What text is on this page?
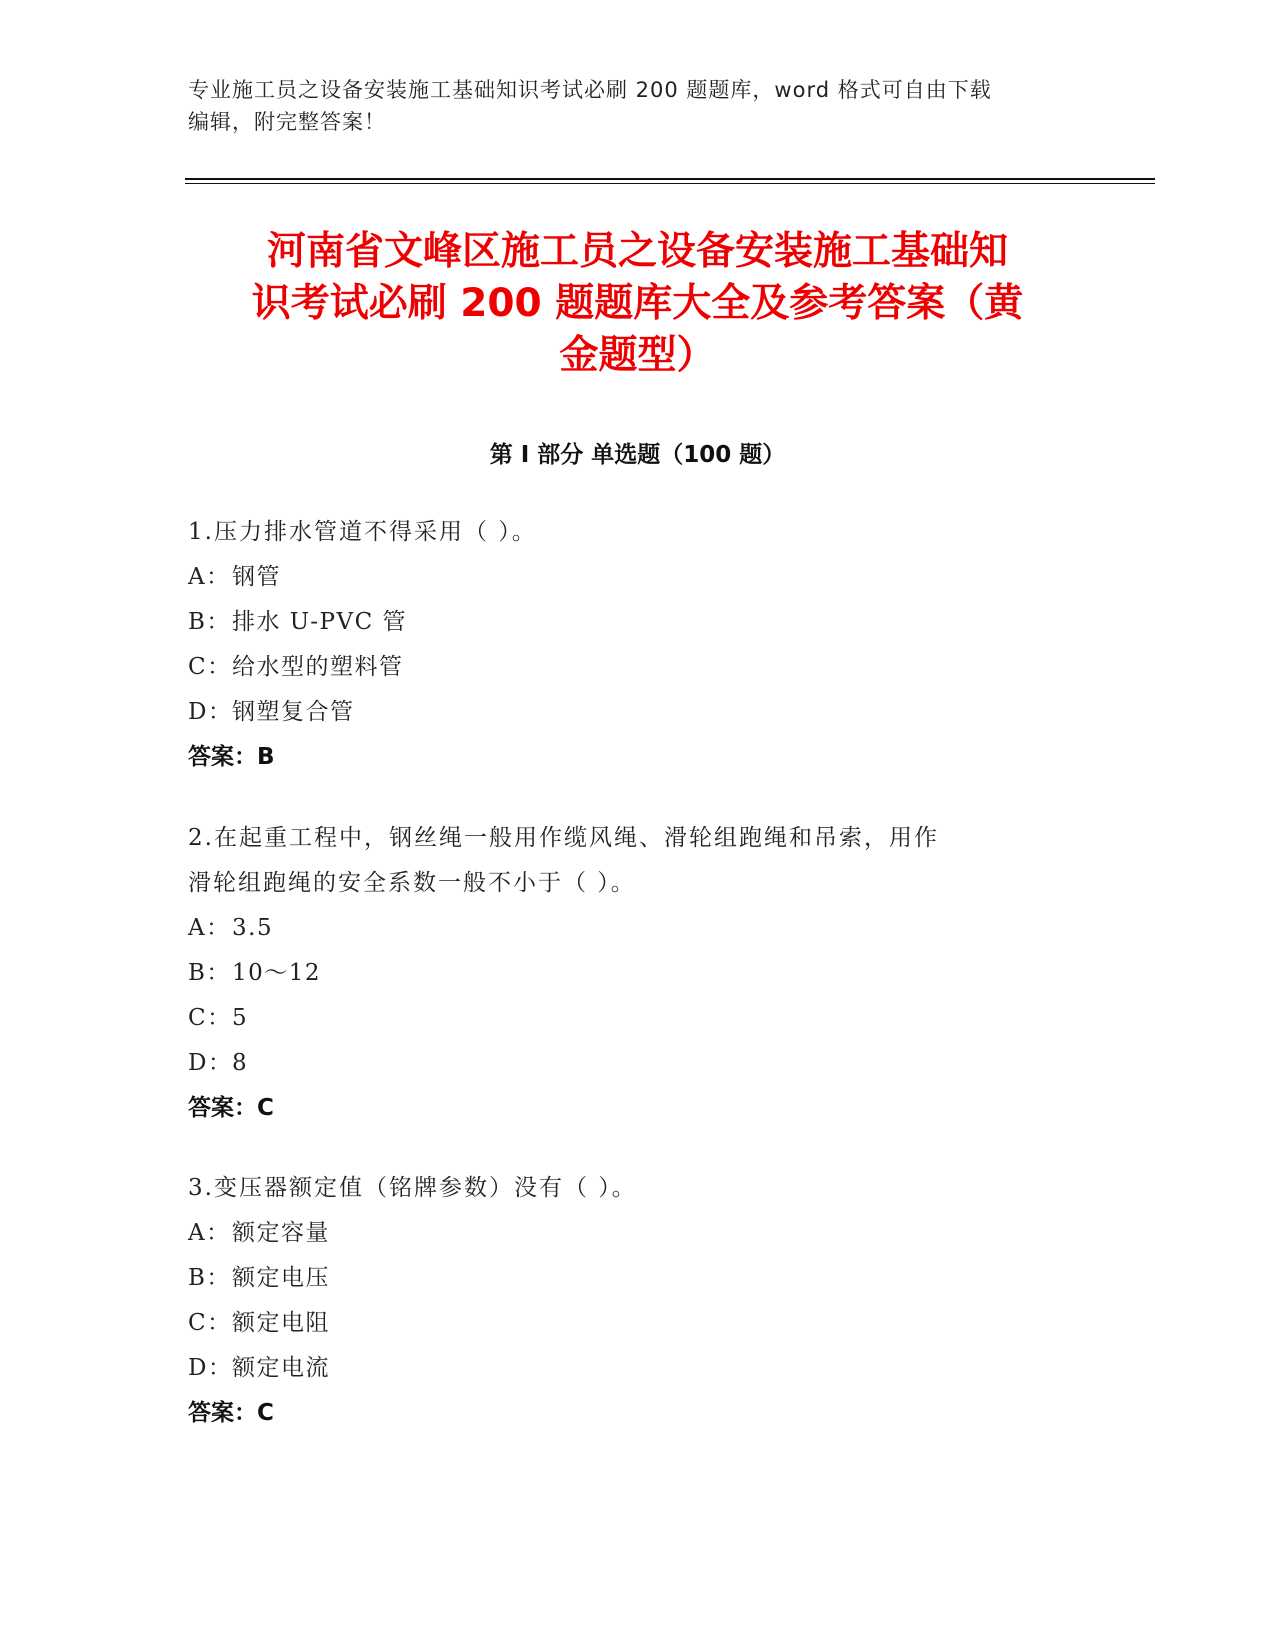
专业施工员之设备安装施工基础知识考试必刷 200 题题库，word 格式可自由下载
编辑，附完整答案！
河南省文峰区施工员之设备安装施工基础知
识考试必刷 200 题题库大全及参考答案（黄
金题型）
第 I 部分 单选题（100 题）
1.压力排水管道不得采用（ ）。
A：钢管
B：排水 U-PVC 管
C：给水型的塑料管
D：钢塑复合管
答案：B
2.在起重工程中，钢丝绳一般用作缆风绳、滑轮组跑绳和吊索，用作
滑轮组跑绳的安全系数一般不小于（ ）。
A：3.5
B：10～12
C：5
D：8
答案：C
3.变压器额定值（铭牌参数）没有（ ）。
A：额定容量
B：额定电压
C：额定电阻
D：额定电流
答案：C
